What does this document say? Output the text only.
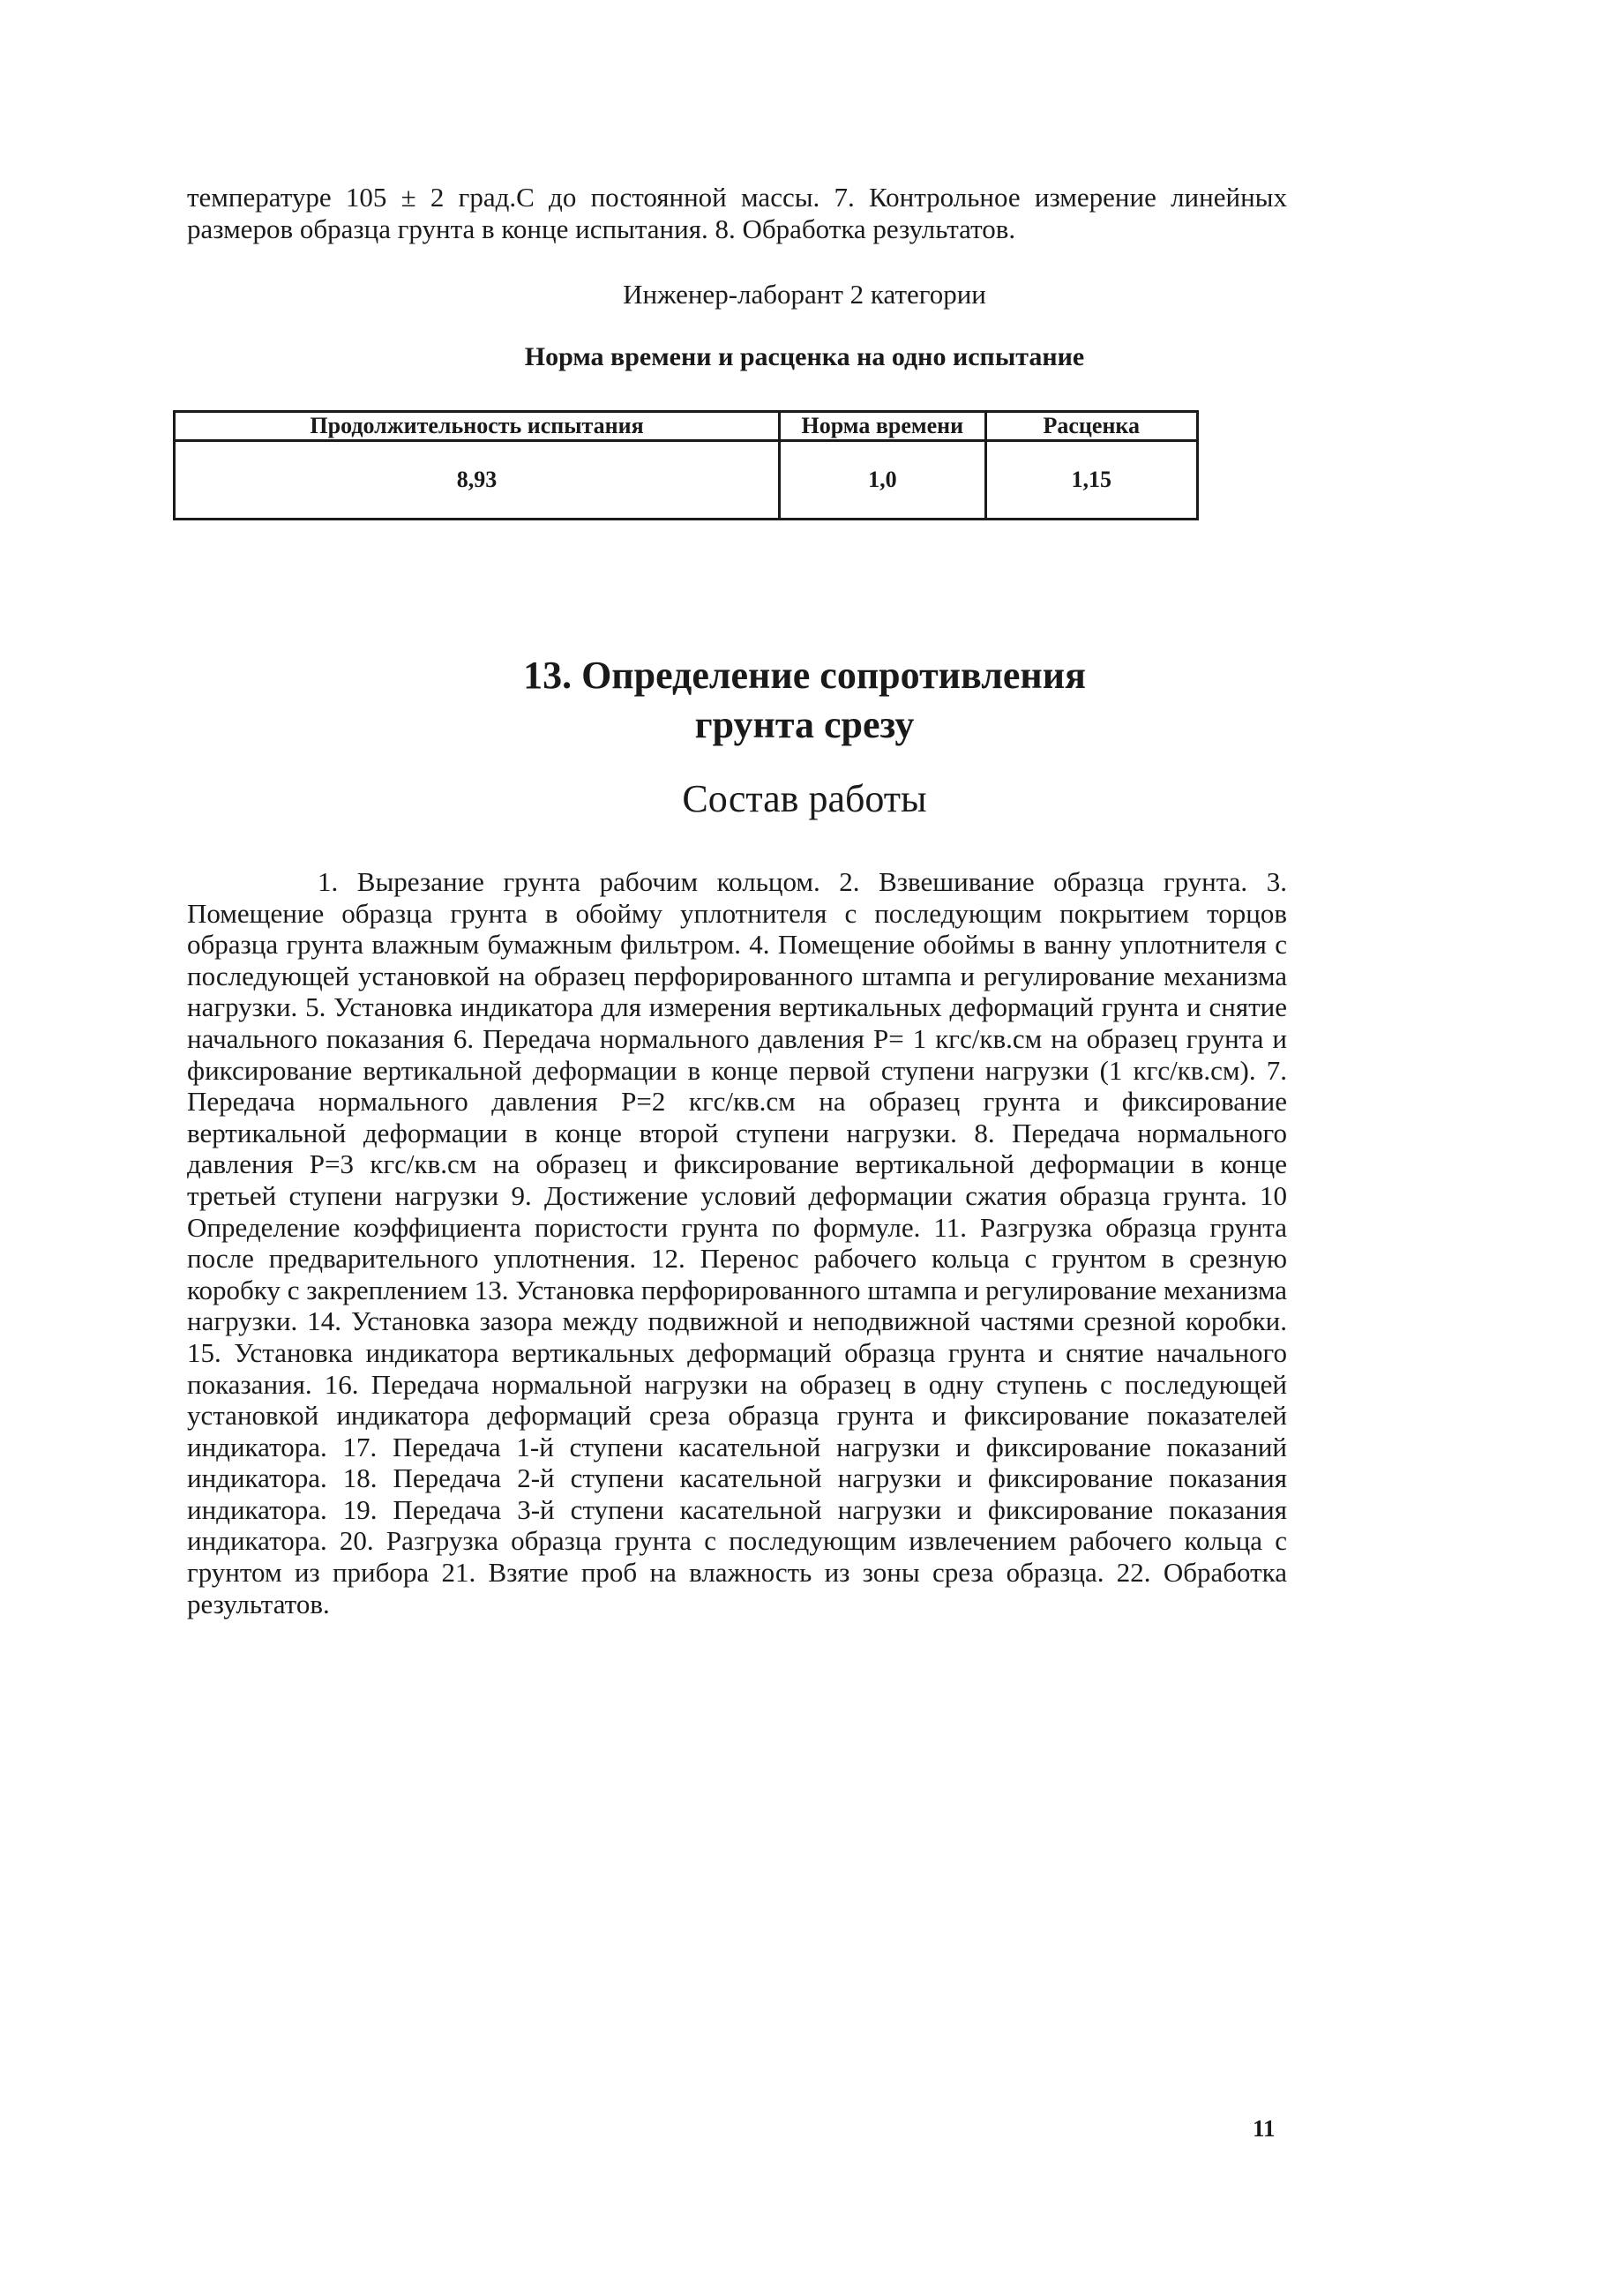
температуре 105 ± 2 град.С до постоянной массы. 7. Контрольное измерение линейных размеров образца грунта в конце испытания. 8. Обработка результатов.

Инженер-лаборант 2 категории

Норма времени и расценка на одно испытание

Продолжительность испытания	Норма времени	Расценка
8,93	1,0	1,15
13. Определение сопротивления
грунта срезу

Состав работы

1. Вырезание грунта рабочим кольцом. 2. Взвешивание образца грунта. 3. Помещение образца грунта в обойму уплотнителя с последующим покрытием торцов образца грунта влажным бумажным фильтром. 4. Помещение обоймы в ванну уплотнителя с последующей установкой на образец перфорированного штампа и регулирование механизма нагрузки. 5. Установка индикатора для измерения вертикальных деформаций грунта и снятие начального показания 6. Передача нормального давления Р= 1 кгс/кв.см на образец грунта и фиксирование вертикальной деформации в конце первой ступени нагрузки (1 кгс/кв.см). 7. Передача нормального давления Р=2 кгс/кв.см на образец грунта и фиксирование вертикальной деформации в конце второй ступени нагрузки. 8. Передача нормального давления Р=3 кгс/кв.см на образец и фиксирование вертикальной деформации в конце третьей ступени нагрузки 9. Достижение условий деформации сжатия образца грунта. 10 Определение коэффициента пористости грунта по формуле. 11. Разгрузка образца грунта после предварительного уплотнения. 12. Перенос рабочего кольца с грунтом в срезную коробку с закреплением 13. Установка перфорированного штампа и регулирование механизма нагрузки. 14. Установка зазора между подвижной и неподвижной частями срезной коробки. 15. Установка индикатора вертикальных деформаций образца грунта и снятие начального показания. 16. Передача нормальной нагрузки на образец в одну ступень с последующей установкой индикатора деформаций среза образца грунта и фиксирование показателей индикатора. 17. Передача 1-й ступени касательной нагрузки и фиксирование показаний индикатора. 18. Передача 2-й ступени касательной нагрузки и фиксирование показания индикатора. 19. Передача 3-й ступени касательной нагрузки и фиксирование показания индикатора. 20. Разгрузка образца грунта с последующим извлечением рабочего кольца с грунтом из прибора 21. Взятие проб на влажность из зоны среза образца. 22. Обработка результатов.

11
